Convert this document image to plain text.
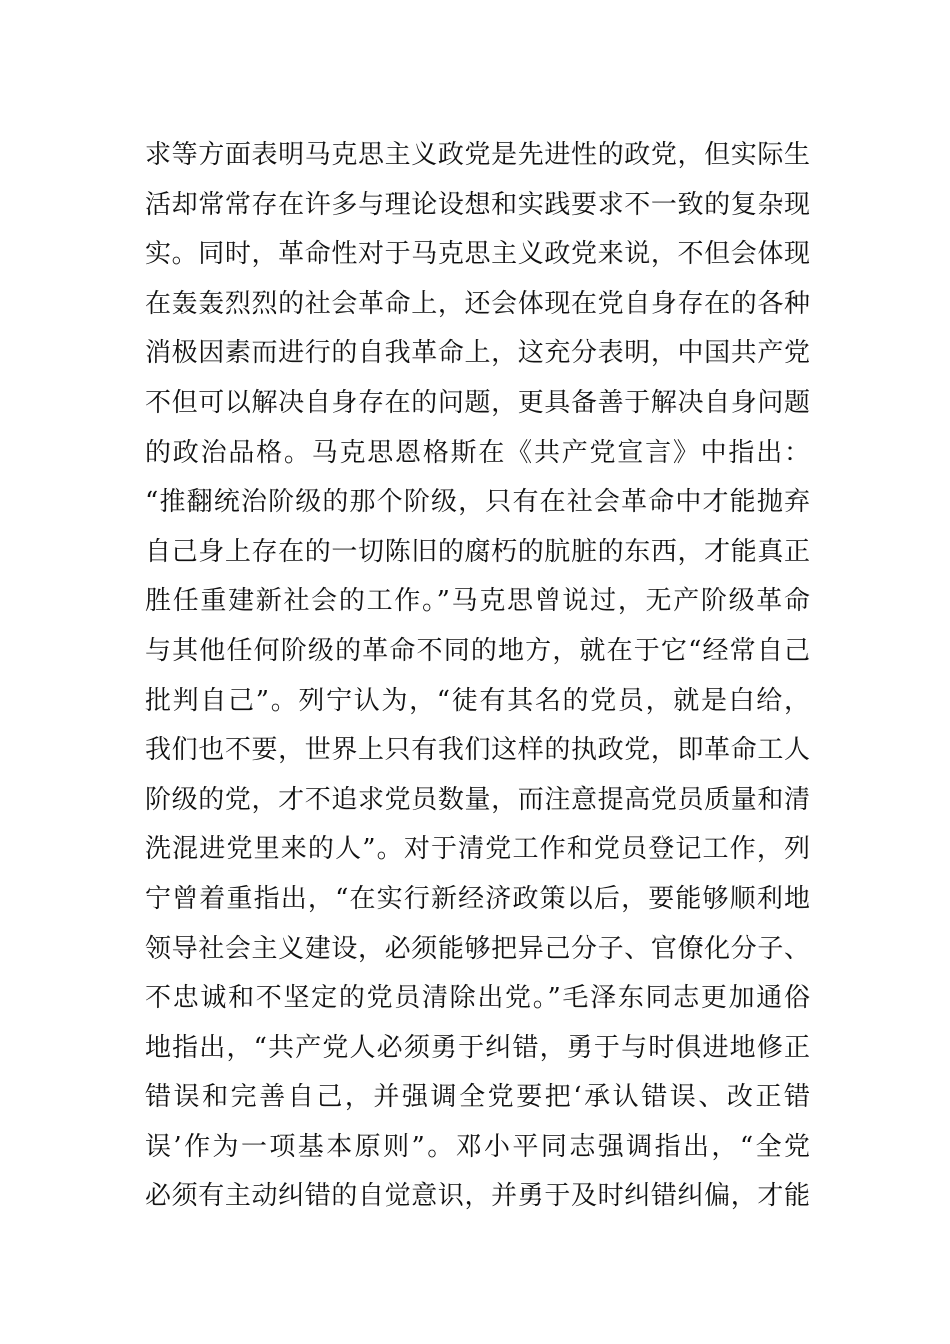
求等方面表明马克思主义政党是先进性的政党，但实际生
活却常常存在许多与理论设想和实践要求不一致的复杂现
实。同时，革命性对于马克思主义政党来说，不但会体现
在轰轰烈烈的社会革命上，还会体现在党自身存在的各种
消极因素而进行的自我革命上，这充分表明，中国共产党
不但可以解决自身存在的问题，更具备善于解决自身问题
的政治品格。马克思恩格斯在《共产党宣言》中指出：
“推翻统治阶级的那个阶级，只有在社会革命中才能抛弃
自己身上存在的一切陈旧的腐朽的肮脏的东西，才能真正
胜任重建新社会的工作。”马克思曾说过，无产阶级革命
与其他任何阶级的革命不同的地方，就在于它“经常自己
批判自己”。列宁认为，“徒有其名的党员，就是白给，
我们也不要，世界上只有我们这样的执政党，即革命工人
阶级的党，才不追求党员数量，而注意提高党员质量和清
洗混进党里来的人”。对于清党工作和党员登记工作，列
宁曾着重指出，“在实行新经济政策以后，要能够顺利地
领导社会主义建设，必须能够把异己分子、官僚化分子、
不忠诚和不坚定的党员清除出党。”毛泽东同志更加通俗
地指出，“共产党人必须勇于纠错，勇于与时俱进地修正
错误和完善自己，并强调全党要把‘承认错误、改正错
误’作为一项基本原则”。邓小平同志强调指出，“全党
必须有主动纠错的自觉意识，并勇于及时纠错纠偏，才能
